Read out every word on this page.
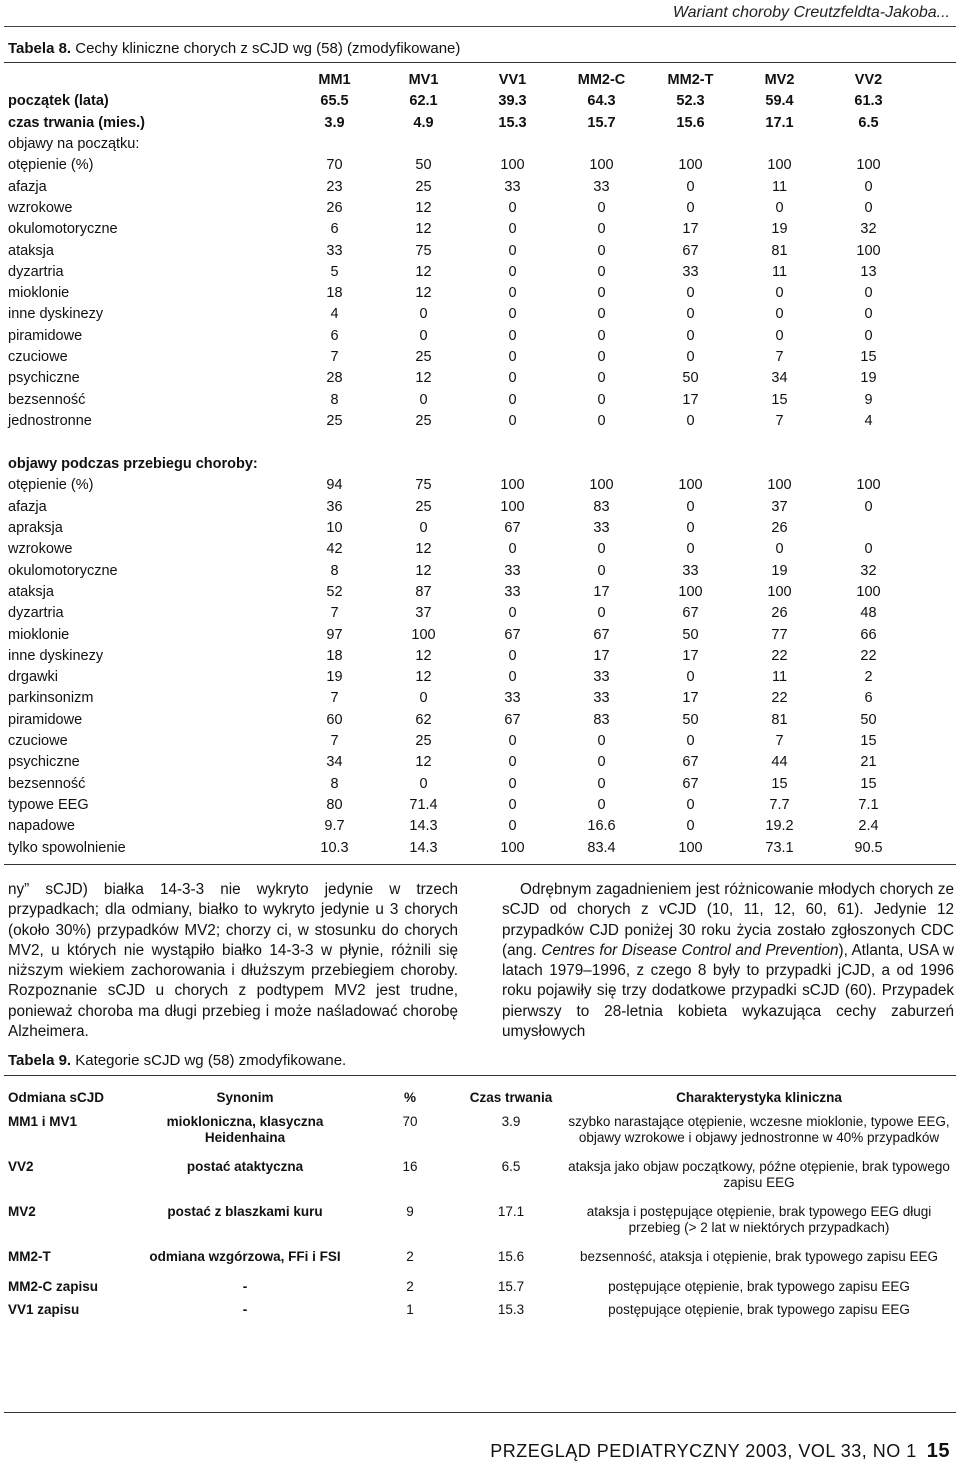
Wariant choroby Creutzfeldta-Jakoba...
Tabela 8. Cechy kliniczne chorych z sCJD wg (58) (zmodyfikowane)
	MM1	MV1	VV1	MM2-C	MM2-T	MV2	VV2
początek (lata)	65.5	62.1	39.3	64.3	52.3	59.4	61.3
czas trwania (mies.)	3.9	4.9	15.3	15.7	15.6	17.1	6.5
objawy na początku:							
otępienie (%)	70	50	100	100	100	100	100
afazja	23	25	33	33	0	11	0
wzrokowe	26	12	0	0	0	0	0
okulomotoryczne	6	12	0	0	17	19	32
ataksja	33	75	0	0	67	81	100
dyzartria	5	12	0	0	33	11	13
mioklonie	18	12	0	0	0	0	0
inne dyskinezy	4	0	0	0	0	0	0
piramidowe	6	0	0	0	0	0	0
czuciowe	7	25	0	0	0	7	15
psychiczne	28	12	0	0	50	34	19
bezsenność	8	0	0	0	17	15	9
jednostronne	25	25	0	0	0	7	4

objawy podczas przebiegu choroby:							
otępienie (%)	94	75	100	100	100	100	100
afazja	36	25	100	83	0	37	0
apraksja	10	0	67	33	0	26	
wzrokowe	42	12	0	0	0	0	0
okulomotoryczne	8	12	33	0	33	19	32
ataksja	52	87	33	17	100	100	100
dyzartria	7	37	0	0	67	26	48
mioklonie	97	100	67	67	50	77	66
inne dyskinezy	18	12	0	17	17	22	22
drgawki	19	12	0	33	0	11	2
parkinsonizm	7	0	33	33	17	22	6
piramidowe	60	62	67	83	50	81	50
czuciowe	7	25	0	0	0	7	15
psychiczne	34	12	0	0	67	44	21
bezsenność	8	0	0	0	67	15	15
typowe EEG	80	71.4	0	0	0	7.7	7.1
napadowe	9.7	14.3	0	16.6	0	19.2	2.4
tylko spowolnienie	10.3	14.3	100	83.4	100	73.1	90.5
ny” sCJD) białka 14-3-3 nie wykryto jedynie w trzech przypadkach; dla odmiany, białko to wykryto jedynie u 3 chorych (około 30%) przypadków MV2; chorzy ci, w stosunku do chorych MV2, u których nie wystąpiło białko 14-3-3 w płynie, różnili się niższym wiekiem zachorowania i dłuższym przebiegiem choroby. Rozpoznanie sCJD u chorych z podtypem MV2 jest trudne, ponieważ choroba ma długi przebieg i może naśladować chorobę Alzheimera.
Odrębnym zagadnieniem jest różnicowanie młodych chorych ze sCJD od chorych z vCJD (10, 11, 12, 60, 61). Jedynie 12 przypadków CJD poniżej 30 roku życia zostało zgłoszonych CDC (ang. Centres for Disease Control and Prevention), Atlanta, USA w latach 1979–1996, z czego 8 były to przypadki jCJD, a od 1996 roku pojawiły się trzy dodatkowe przypadki sCJD (60). Przypadek pierwszy to 28-letnia kobieta wykazująca cechy zaburzeń umysłowych
Tabela 9. Kategorie sCJD wg (58) zmodyfikowane.
Odmiana sCJD	Synonim	%	Czas trwania	Charakterystyka kliniczna
MM1 i MV1	miokloniczna, klasyczna Heidenhaina	70	3.9	szybko narastające otępienie, wczesne mioklonie, typowe EEG, objawy wzrokowe i objawy jednostronne w 40% przypadków
VV2	postać ataktyczna	16	6.5	ataksja jako objaw początkowy, późne otępienie, brak typowego zapisu EEG
MV2	postać z blaszkami kuru	9	17.1	ataksja i postępujące otępienie, brak typowego EEG długi przebieg (> 2 lat w niektórych przypadkach)
MM2-T	odmiana wzgórzowa, FFi i FSI	2	15.6	bezsenność, ataksja i otępienie, brak typowego zapisu EEG
MM2-C zapisu	-	2	15.7	postępujące otępienie, brak typowego zapisu EEG
VV1 zapisu	-	1	15.3	postępujące otępienie, brak typowego zapisu EEG
PRZEGLĄD PEDIATRYCZNY 2003, VOL 33, NO 1 15
